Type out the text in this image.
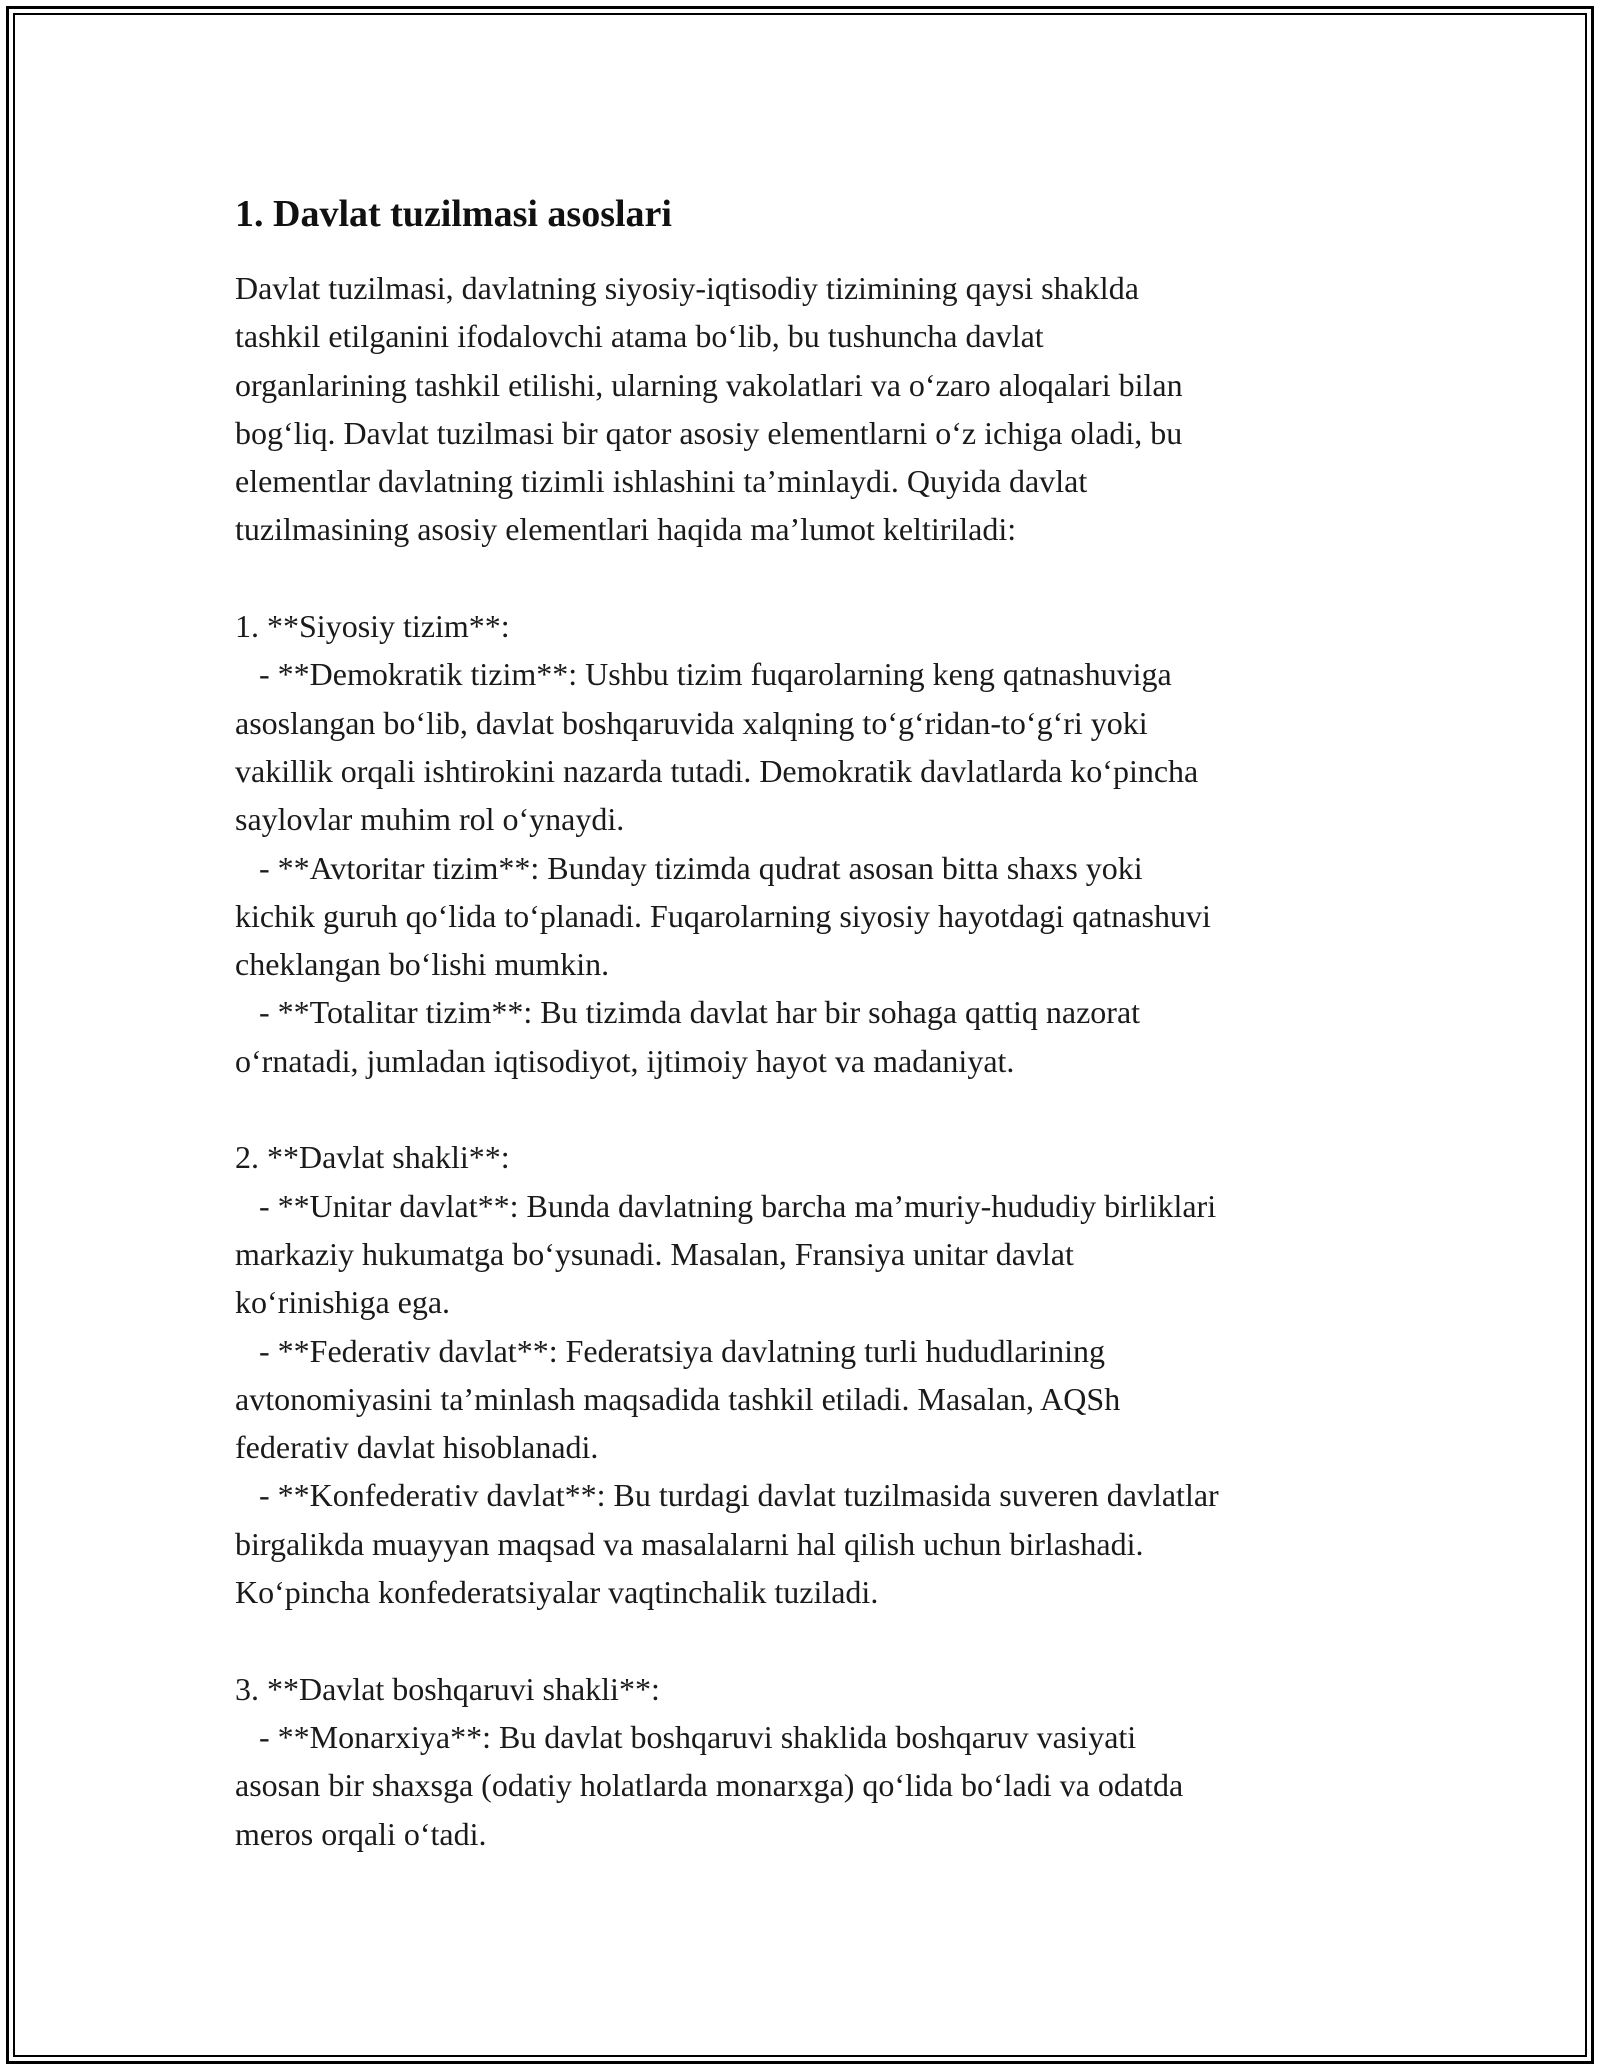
1. Davlat tuzilmasi asoslari
Davlat tuzilmasi, davlatning siyosiy-iqtisodiy tizimining qaysi shaklda
tashkil etilganini ifodalovchi atama bo‘lib, bu tushuncha davlat
organlarining tashkil etilishi, ularning vakolatlari va o‘zaro aloqalari bilan
bog‘liq. Davlat tuzilmasi bir qator asosiy elementlarni o‘z ichiga oladi, bu
elementlar davlatning tizimli ishlashini ta’minlaydi. Quyida davlat
tuzilmasining asosiy elementlari haqida ma’lumot keltiriladi:

1. **Siyosiy tizim**:
- **Demokratik tizim**: Ushbu tizim fuqarolarning keng qatnashuviga
asoslangan bo‘lib, davlat boshqaruvida xalqning to‘g‘ridan-to‘g‘ri yoki
vakillik orqali ishtirokini nazarda tutadi. Demokratik davlatlarda ko‘pincha
saylovlar muhim rol o‘ynaydi.
- **Avtoritar tizim**: Bunday tizimda qudrat asosan bitta shaxs yoki
kichik guruh qo‘lida to‘planadi. Fuqarolarning siyosiy hayotdagi qatnashuvi
cheklangan bo‘lishi mumkin.
- **Totalitar tizim**: Bu tizimda davlat har bir sohaga qattiq nazorat
o‘rnatadi, jumladan iqtisodiyot, ijtimoiy hayot va madaniyat.

2. **Davlat shakli**:
- **Unitar davlat**: Bunda davlatning barcha ma’muriy-hududiy birliklari
markaziy hukumatga bo‘ysunadi. Masalan, Fransiya unitar davlat
ko‘rinishiga ega.
- **Federativ davlat**: Federatsiya davlatning turli hududlarining
avtonomiyasini ta’minlash maqsadida tashkil etiladi. Masalan, AQSh
federativ davlat hisoblanadi.
- **Konfederativ davlat**: Bu turdagi davlat tuzilmasida suveren davlatlar
birgalikda muayyan maqsad va masalalarni hal qilish uchun birlashadi.
Ko‘pincha konfederatsiyalar vaqtinchalik tuziladi.

3. **Davlat boshqaruvi shakli**:
- **Monarxiya**: Bu davlat boshqaruvi shaklida boshqaruv vasiyati
asosan bir shaxsga (odatiy holatlarda monarxga) qo‘lida bo‘ladi va odatda
meros orqali o‘tadi.
